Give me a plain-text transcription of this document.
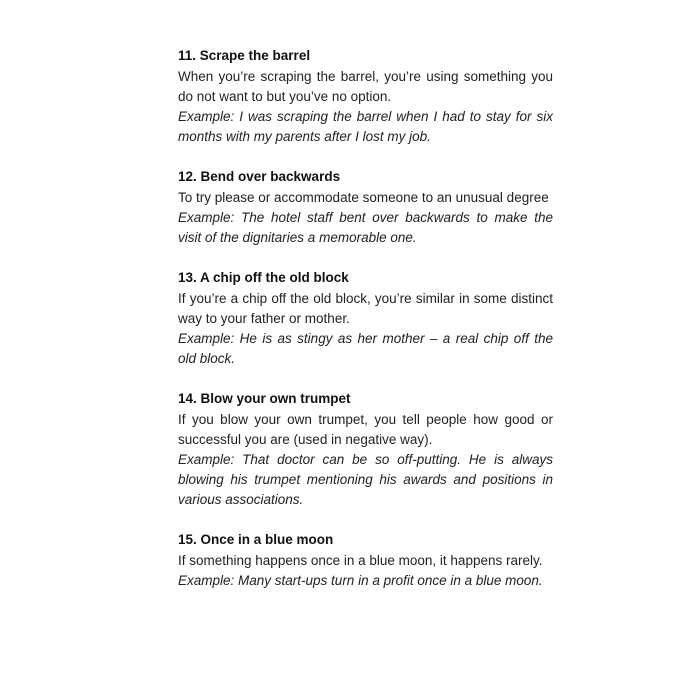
11. Scrape the barrel

When you’re scraping the barrel, you’re using something you do not want to but you’ve no option.

Example: I was scraping the barrel when I had to stay for six months with my parents after I lost my job.

12. Bend over backwards

To try please or accommodate someone to an unusual degree

Example: The hotel staff bent over backwards to make the visit of the dignitaries a memorable one.

13. A chip off the old block

If you’re a chip off the old block, you’re similar in some distinct way to your father or mother.

Example: He is as stingy as her mother – a real chip off the old block.

14. Blow your own trumpet

If you blow your own trumpet, you tell people how good or successful you are (used in negative way).

Example: That doctor can be so off-putting. He is always blowing his trumpet mentioning his awards and positions in various associations.

15. Once in a blue moon

If something happens once in a blue moon, it happens rarely.

Example: Many start-ups turn in a profit once in a blue moon.
